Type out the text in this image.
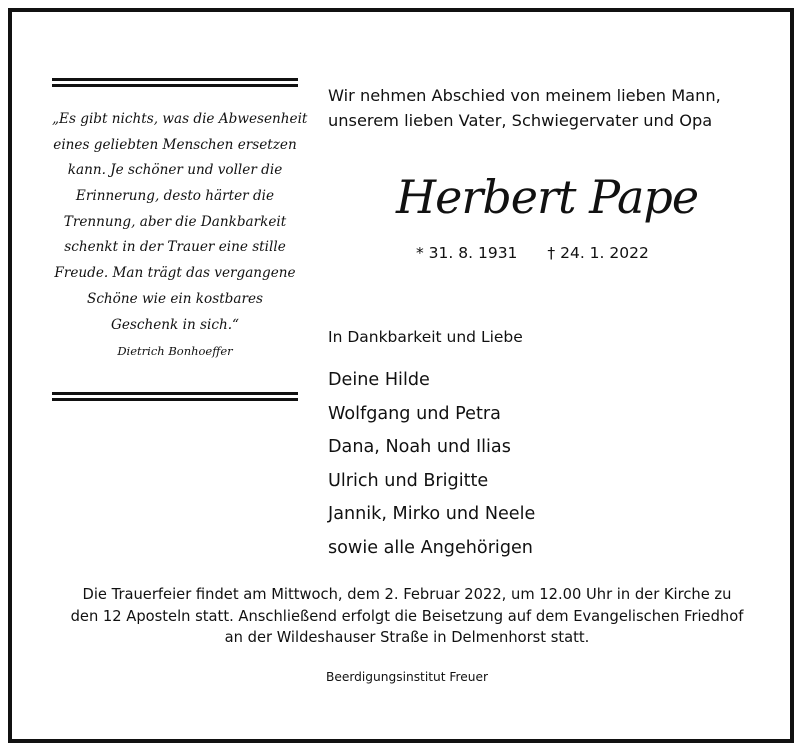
„Es gibt nichts, was die Abwesenheit
eines geliebten Menschen ersetzen
kann. Je schöner und voller die
Erinnerung, desto härter die
Trennung, aber die Dankbarkeit
schenkt in der Trauer eine stille
Freude. Man trägt das vergangene
Schöne wie ein kostbares
Geschenk in sich.“
Dietrich Bonhoeffer
Wir nehmen Abschied von meinem lieben Mann,
unserem lieben Vater, Schwiegervater und Opa
Herbert Pape
* 31. 8. 1931 † 24. 1. 2022
In Dankbarkeit und Liebe
Deine Hilde
Wolfgang und Petra
Dana, Noah und Ilias
Ulrich und Brigitte
Jannik, Mirko und Neele
sowie alle Angehörigen
Die Trauerfeier findet am Mittwoch, dem 2. Februar 2022, um 12.00 Uhr in der Kirche zu
den 12 Aposteln statt. Anschließend erfolgt die Beisetzung auf dem Evangelischen Friedhof
an der Wildeshauser Straße in Delmenhorst statt.
Beerdigungsinstitut Freuer
